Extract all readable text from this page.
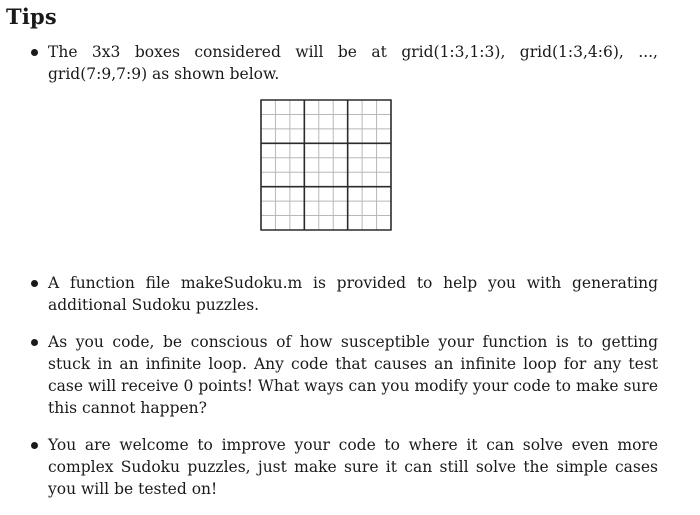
Tips
The 3x3 boxes considered will be at grid(1:3,1:3), grid(1:3,4:6), ..., grid(7:9,7:9) as shown below.
A function file makeSudoku.m is provided to help you with generating additional Sudoku puzzles.
As you code, be conscious of how susceptible your function is to getting stuck in an infinite loop. Any code that causes an infinite loop for any test case will receive 0 points! What ways can you modify your code to make sure this cannot happen?
You are welcome to improve your code to where it can solve even more complex Sudoku puzzles, just make sure it can still solve the simple cases you will be tested on!
